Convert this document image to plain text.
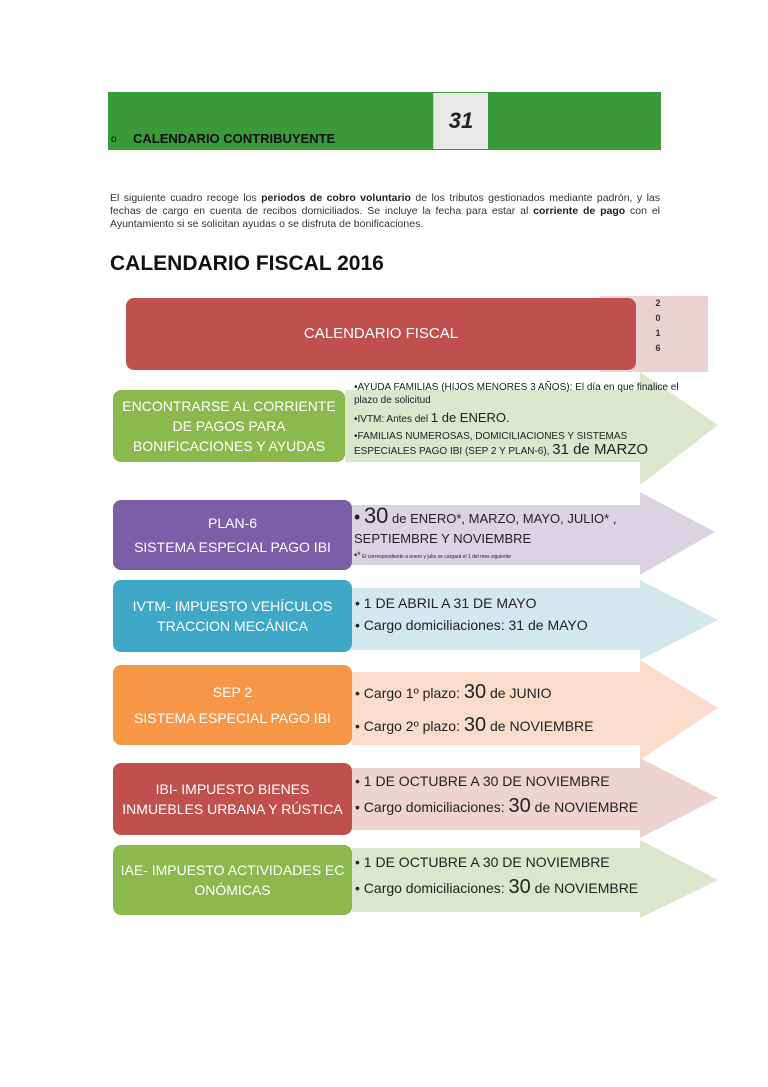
o CALENDARIO CONTRIBUYENTE
31

El siguiente cuadro recoge los periodos de cobro voluntario de los tributos gestionados mediante padrón, y las fechas de cargo en cuenta de recibos domiciliados. Se incluye la fecha para estar al corriente de pago con el Ayuntamiento si se solicitan ayudas o se disfruta de bonificaciones.

CALENDARIO FISCAL 2016
CALENDARIO FISCAL
2
0
1
6
ENCONTRARSE AL CORRIENTE DE PAGOS PARA BONIFICACIONES Y AYUDAS
•AYUDA FAMILIAS (HIJOS MENORES 3 AÑOS): El día en que finalice el plazo de solicitud
•IVTM: Antes del 1 de ENERO.
•FAMILIAS NUMEROSAS, DOMICILIACIONES Y SISTEMAS ESPECIALES PAGO IBI (SEP 2 Y PLAN-6), 31 de MARZO
PLAN-6
SISTEMA ESPECIAL PAGO IBI
• 30 de ENERO*, MARZO, MAYO, JULIO* , SEPTIEMBRE Y NOVIEMBRE
•* El correspondiente a enero y julio se cargará el 1 del mes siguiente
IVTM- IMPUESTO VEHÍCULOS TRACCION MECÁNICA
• 1 DE ABRIL A 31 DE MAYO
• Cargo domiciliaciones: 31 de MAYO
SEP 2
SISTEMA ESPECIAL PAGO IBI
• Cargo 1º plazo: 30 de JUNIO
• Cargo 2º plazo: 30 de NOVIEMBRE
IBI- IMPUESTO BIENES INMUEBLES URBANA Y RÚSTICA
• 1 DE OCTUBRE A 30 DE NOVIEMBRE
• Cargo domiciliaciones: 30 de NOVIEMBRE
IAE- IMPUESTO ACTIVIDADES EC ONÓMICAS
• 1 DE OCTUBRE A 30 DE NOVIEMBRE
• Cargo domiciliaciones: 30 de NOVIEMBRE
